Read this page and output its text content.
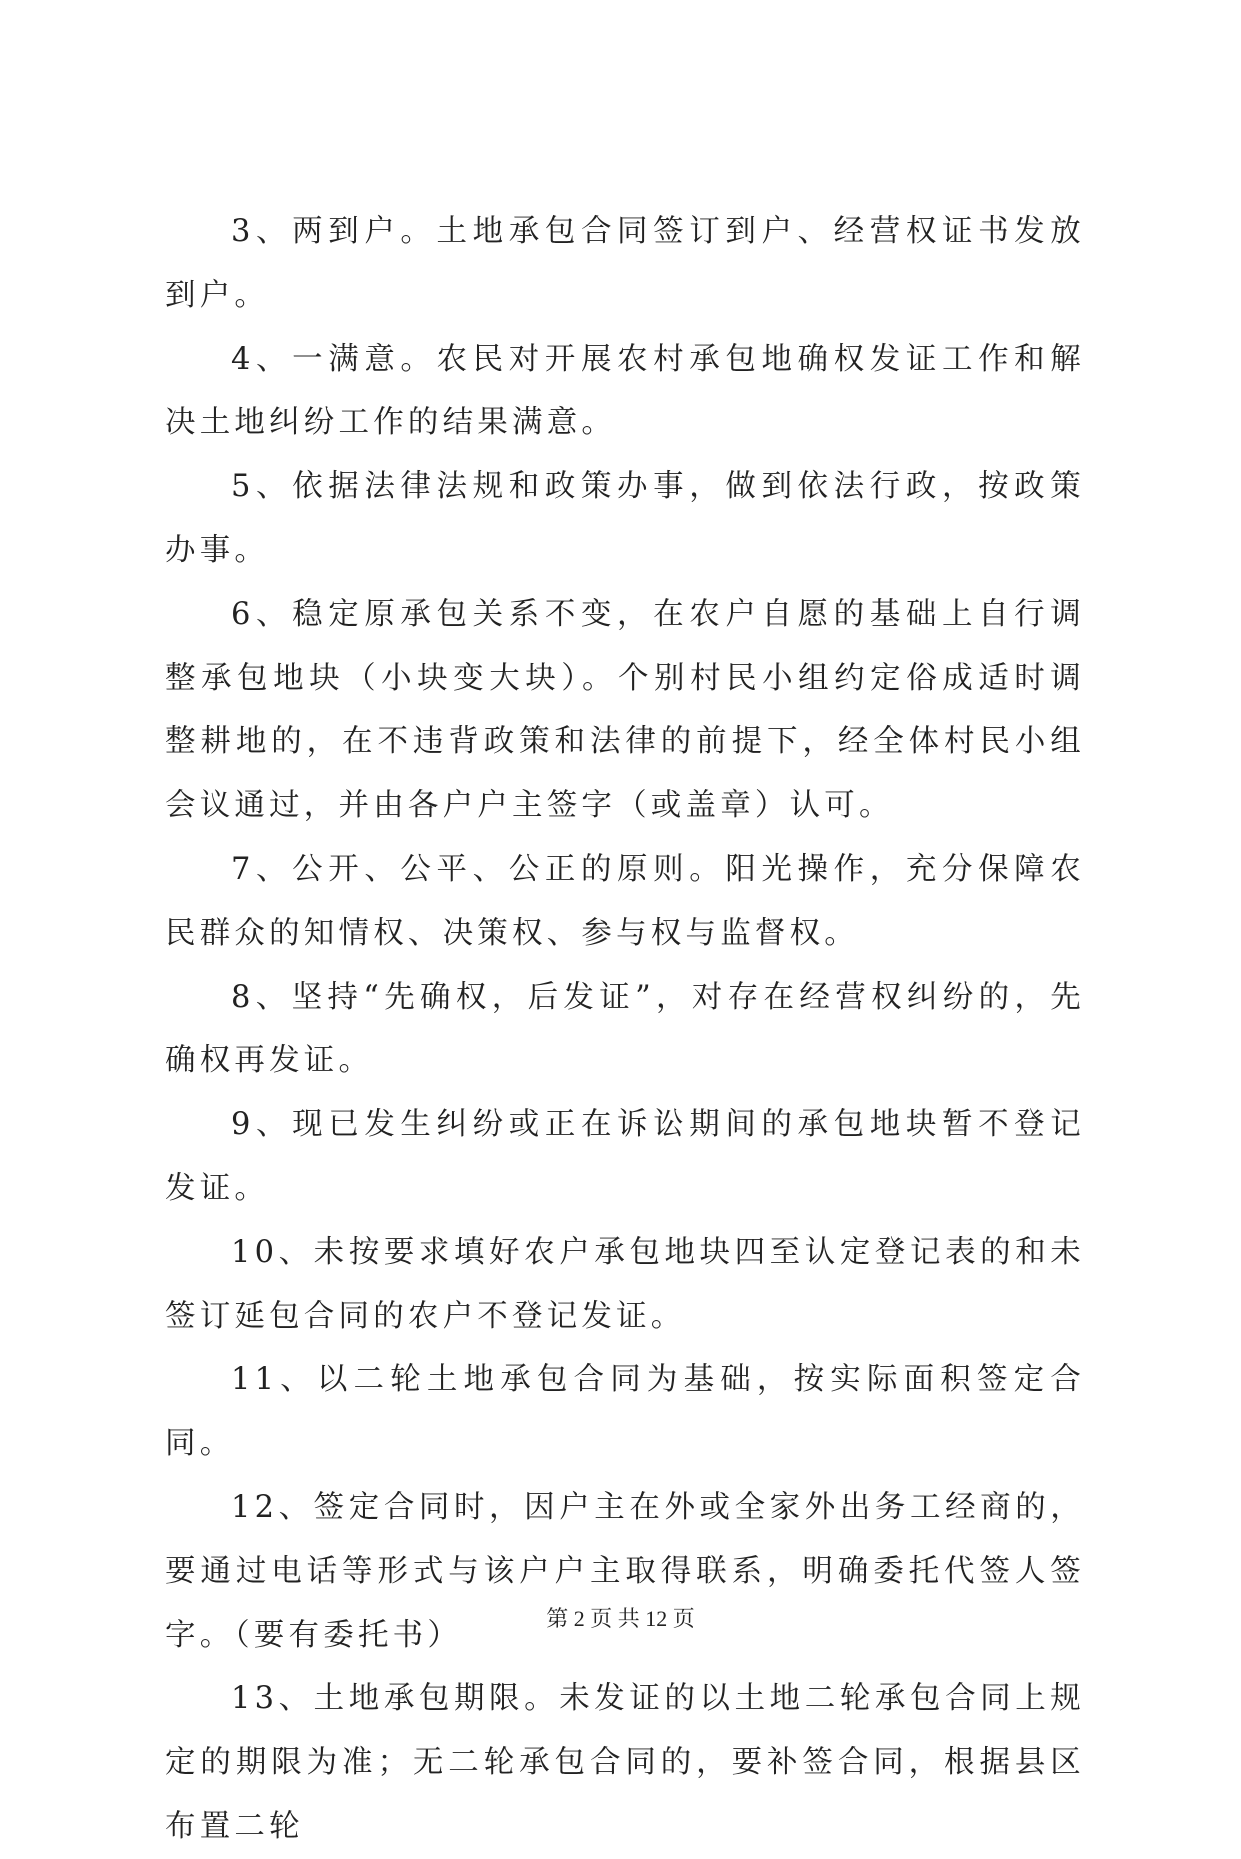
3、两到户。土地承包合同签订到户、经营权证书发放到户。

4、一满意。农民对开展农村承包地确权发证工作和解决土地纠纷工作的结果满意。

5、依据法律法规和政策办事，做到依法行政，按政策办事。

6、稳定原承包关系不变，在农户自愿的基础上自行调整承包地块（小块变大块）。个别村民小组约定俗成适时调整耕地的，在不违背政策和法律的前提下，经全体村民小组会议通过，并由各户户主签字（或盖章）认可。

7、公开、公平、公正的原则。阳光操作，充分保障农民群众的知情权、决策权、参与权与监督权。

8、坚持“先确权，后发证”，对存在经营权纠纷的，先确权再发证。

9、现已发生纠纷或正在诉讼期间的承包地块暂不登记发证。

10、未按要求填好农户承包地块四至认定登记表的和未签订延包合同的农户不登记发证。

11、以二轮土地承包合同为基础，按实际面积签定合同。

12、签定合同时，因户主在外或全家外出务工经商的，要通过电话等形式与该户户主取得联系，明确委托代签人签字。（要有委托书）

13、土地承包期限。未发证的以土地二轮承包合同上规定的期限为准；无二轮承包合同的，要补签合同，根据县区布置二轮

第 2 页 共 12 页
